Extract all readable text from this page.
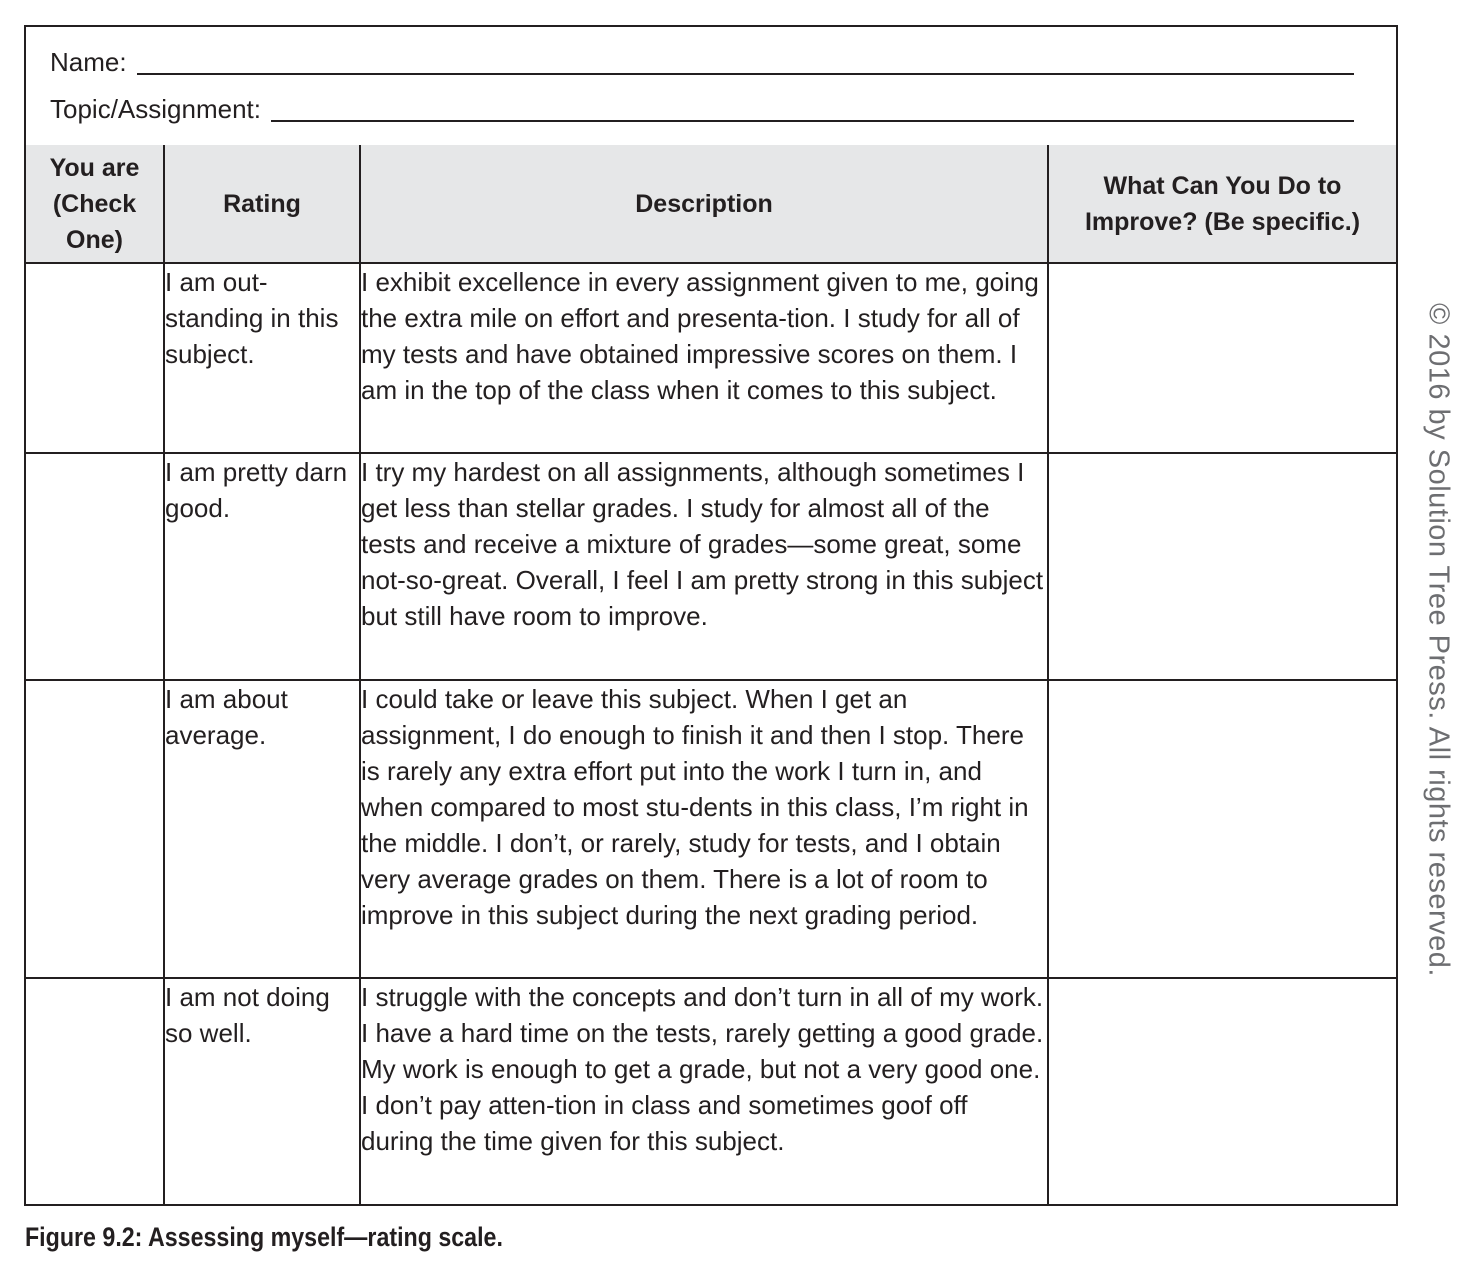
Name:
Topic/Assignment:
You are (Check One)	Rating	Description	What Can You Do to Improve? (Be specific.)

	I am out-standing in this subject.	I exhibit excellence in every assignment given to me, going the extra mile on effort and presenta-tion. I study for all of my tests and have obtained impressive scores on them. I am in the top of the class when it comes to this subject.	
	I am pretty darn good.	I try my hardest on all assignments, although sometimes I get less than stellar grades. I study for almost all of the tests and receive a mixture of grades—some great, some not-so-great. Overall, I feel I am pretty strong in this subject but still have room to improve.	
	I am about average.	I could take or leave this subject. When I get an assignment, I do enough to finish it and then I stop. There is rarely any extra effort put into the work I turn in, and when compared to most stu-dents in this class, I’m right in the middle. I don’t, or rarely, study for tests, and I obtain very average grades on them. There is a lot of room to improve in this subject during the next grading period.	
	I am not doing so well.	I struggle with the concepts and don’t turn in all of my work. I have a hard time on the tests, rarely getting a good grade. My work is enough to get a grade, but not a very good one. I don’t pay atten-tion in class and sometimes goof off during the time given for this subject.	
© 2016 by Solution Tree Press. All rights reserved.
Figure 9.2: Assessing myself—rating scale.
